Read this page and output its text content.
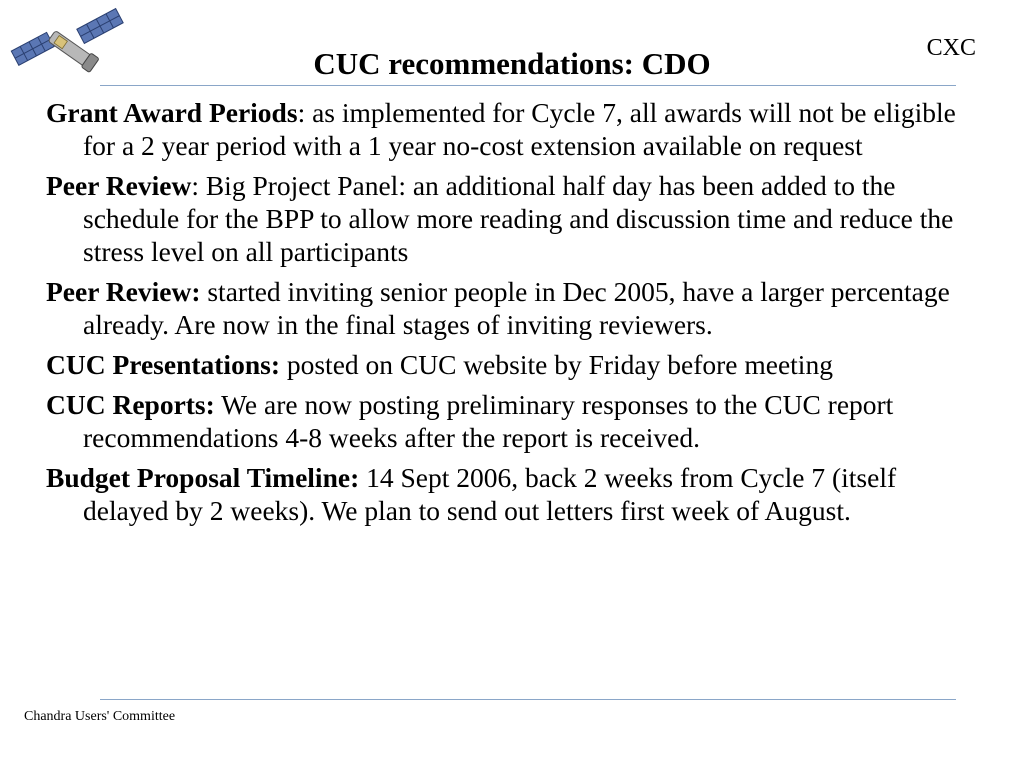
CUC recommendations: CDO	CXC

Grant Award Periods: as implemented for Cycle 7, all awards will not be eligible for a 2 year period with a 1 year no-cost extension available on request

Peer Review: Big Project Panel: an additional half day has been added to the schedule for the BPP to allow more reading and discussion time and reduce the stress level on all participants

Peer Review: started inviting senior people in Dec 2005, have a larger percentage already. Are now in the final stages of inviting reviewers.

CUC Presentations: posted on CUC website by Friday before meeting

CUC Reports: We are now posting preliminary responses to the CUC report recommendations 4-8 weeks after the report is received.

Budget Proposal Timeline: 14 Sept 2006, back 2 weeks from Cycle 7 (itself delayed by 2 weeks). We plan to send out letters first week of August.

Chandra Users' Committee
